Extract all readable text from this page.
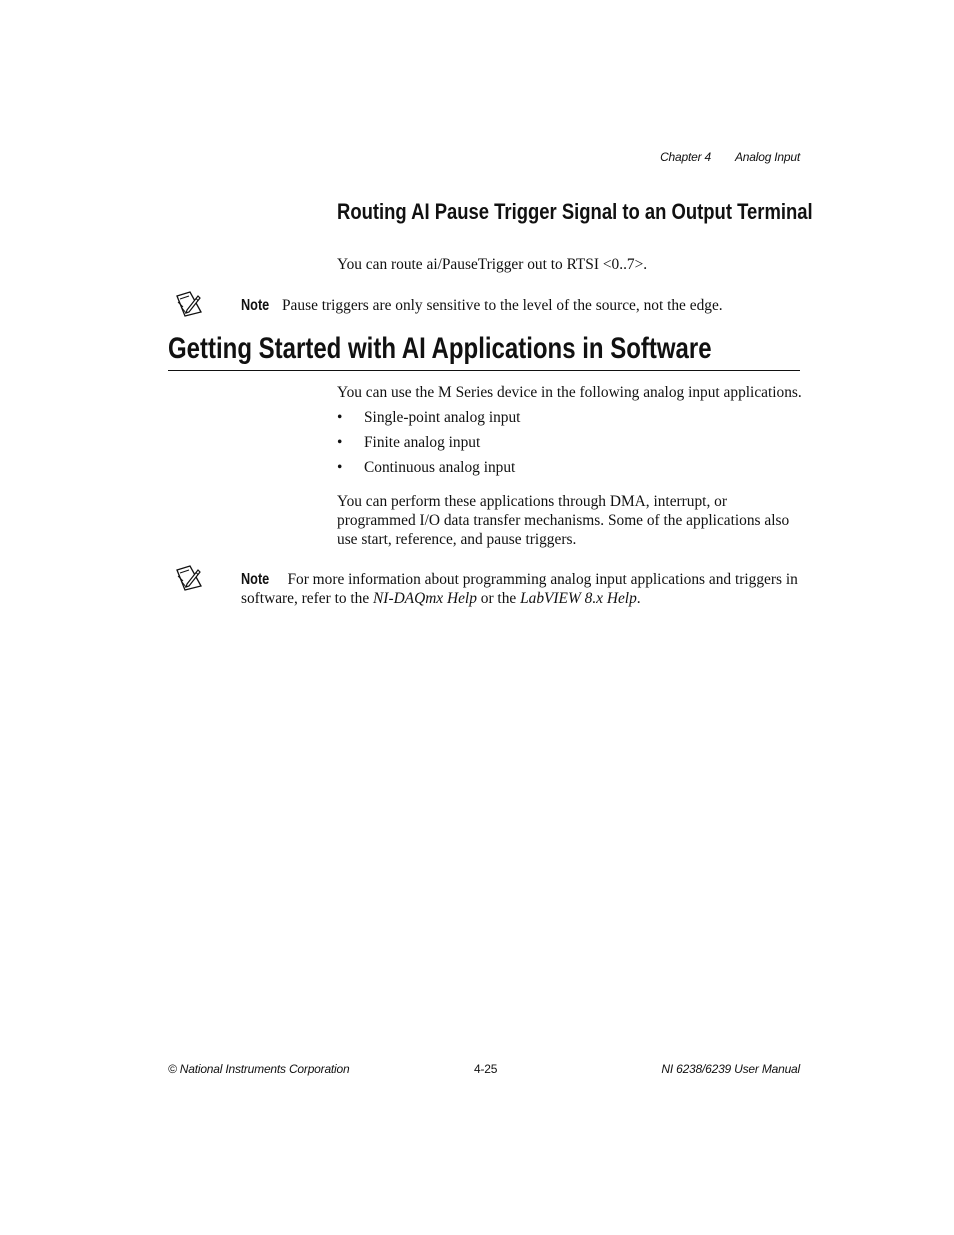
Chapter 4 Analog Input
Routing AI Pause Trigger Signal to an Output Terminal
You can route ai/PauseTrigger out to RTSI <0..7>.
Note Pause triggers are only sensitive to the level of the source, not the edge.
Getting Started with AI Applications in Software
You can use the M Series device in the following analog input applications.
• Single-point analog input
• Finite analog input
• Continuous analog input
You can perform these applications through DMA, interrupt, or programmed I/O data transfer mechanisms. Some of the applications also use start, reference, and pause triggers.
Note For more information about programming analog input applications and triggers in software, refer to the NI-DAQmx Help or the LabVIEW 8.x Help.
© National Instruments Corporation	4-25	NI 6238/6239 User Manual
